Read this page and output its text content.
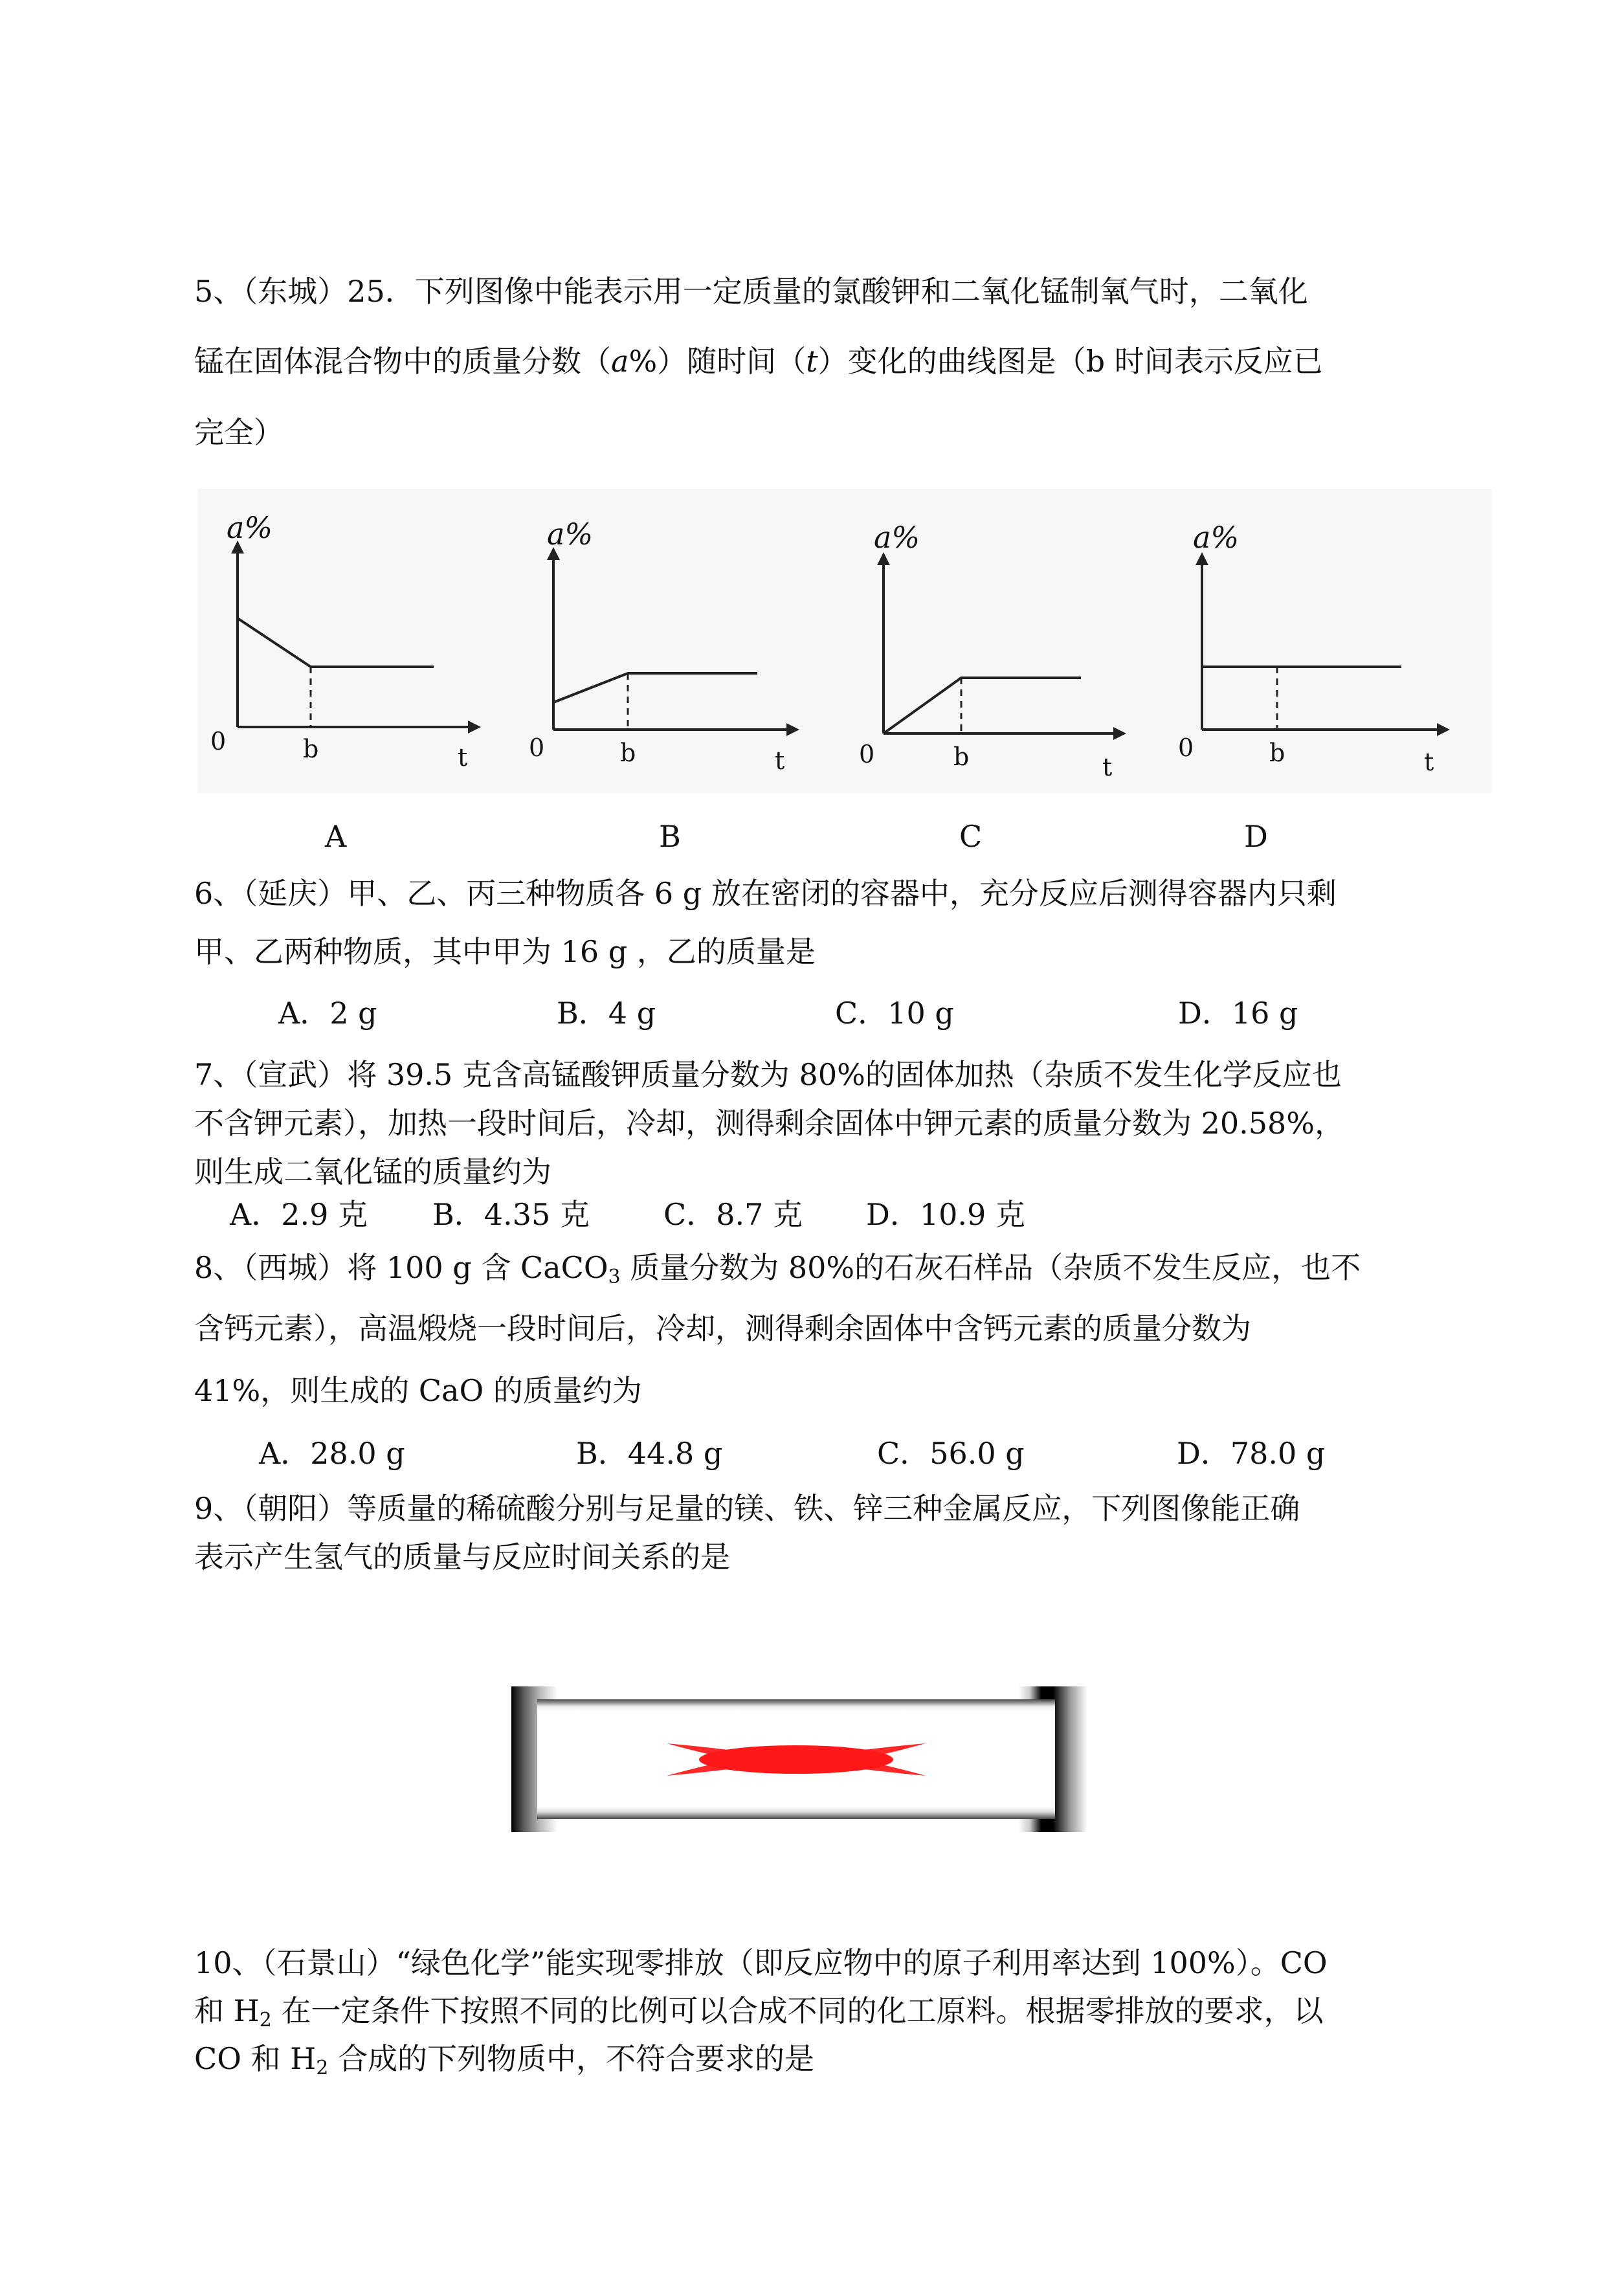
5、（东城）25．下列图像中能表示用一定质量的氯酸钾和二氧化锰制氧气时，二氧化
锰在固体混合物中的质量分数（a%）随时间（t）变化的曲线图是（b 时间表示反应已
完全）
a%
0	b	t
a%
0	b	t
a%
0	b	t
a%
0	b	t
A	B	C	D
6、（延庆）甲、乙、丙三种物质各 6 g 放在密闭的容器中，充分反应后测得容器内只剩
甲、乙两种物质，其中甲为 16 g ，乙的质量是
A．2 g	B．4 g	C．10 g	D．16 g
7、（宣武）将 39.5 克含高锰酸钾质量分数为 80%的固体加热（杂质不发生化学反应也
不含钾元素），加热一段时间后，冷却，测得剩余固体中钾元素的质量分数为 20.58%，
则生成二氧化锰的质量约为
A．2.9 克 B．4.35 克 C．8.7 克 D．10.9 克
8、（西城）将 100 g 含 CaCO$_3$ 质量分数为 80%的石灰石样品（杂质不发生反应，也不
含钙元素），高温煅烧一段时间后，冷却，测得剩余固体中含钙元素的质量分数为
41%，则生成的 CaO 的质量约为
A．28.0 g	B．44.8 g	C．56.0 g	D．78.0 g
9、（朝阳）等质量的稀硫酸分别与足量的镁、铁、锌三种金属反应，下列图像能正确
表示产生氢气的质量与反应时间关系的是
10、（石景山）“绿色化学”能实现零排放（即反应物中的原子利用率达到 100%）。CO
和 $H_2$ 在一定条件下按照不同的比例可以合成不同的化工原料。根据零排放的要求，以
CO 和 $H_2$ 合成的下列物质中，不符合要求的是
